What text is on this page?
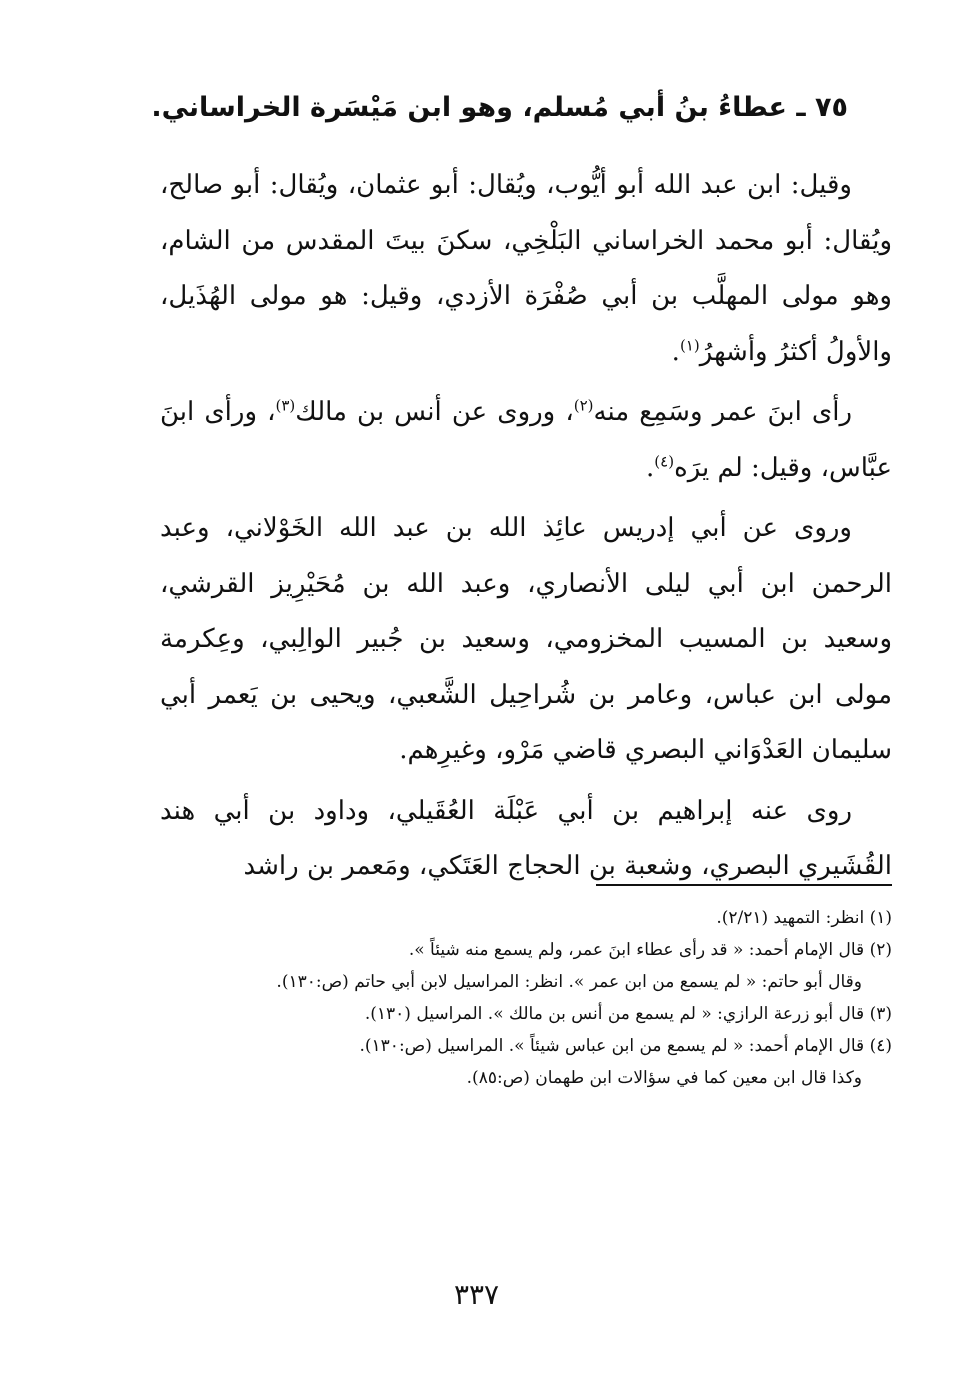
٧٥ ـ عطاءُ بنُ أبي مُسلم، وهو ابن مَيْسَرة الخراساني.

وقيل: ابن عبد الله أبو أيُّوب، ويُقال: أبو عثمان، ويُقال: أبو صالح، ويُقال: أبو محمد الخراساني البَلْخِي، سكنَ بيتَ المقدس من الشام، وهو مولى المهلَّب بن أبي صُفْرَة الأزدي، وقيل: هو مولى الهُذَيل، والأولُ أكثرُ وأشهرُ$^{(١)}$.

رأى ابنَ عمر وسَمِع منه$^{(٢)}$، وروى عن أنس بن مالك$^{(٣)}$، ورأى ابنَ عبَّاس، وقيل: لم يرَه$^{(٤)}$.

وروى عن أبي إدريس عائِذ الله بن عبد الله الخَوْلاني، وعبد الرحمن ابن أبي ليلى الأنصاري، وعبد الله بن مُحَيْرِيز القرشي، وسعيد بن المسيب المخزومي، وسعيد بن جُبير الوالِبي، وعِكرمة مولى ابن عباس، وعامر بن شُراحِيل الشَّعبي، ويحيى بن يَعمر أبي سليمان العَدْوَاني البصري قاضي مَرْو، وغيرِهم.

روى عنه إبراهيم بن أبي عَبْلَة العُقَيلي، وداود بن أبي هند القُشَيري البصري، وشعبة بن الحجاج العَتَكي، ومَعمر بن راشد

(١) انظر: التمهيد (٢/٢١).

(٢) قال الإمام أحمد: « قد رأى عطاء ابنَ عمر، ولم يسمع منه شيئاً ».

وقال أبو حاتم: « لم يسمع من ابن عمر ». انظر: المراسيل لابن أبي حاتم (ص:١٣٠).

(٣) قال أبو زرعة الرازي: « لم يسمع من أنس بن مالك ». المراسيل (١٣٠).

(٤) قال الإمام أحمد: « لم يسمع من ابن عباس شيئاً ». المراسيل (ص:١٣٠).

وكذا قال ابن معين كما في سؤالات ابن طهمان (ص:٨٥).

٣٣٧
